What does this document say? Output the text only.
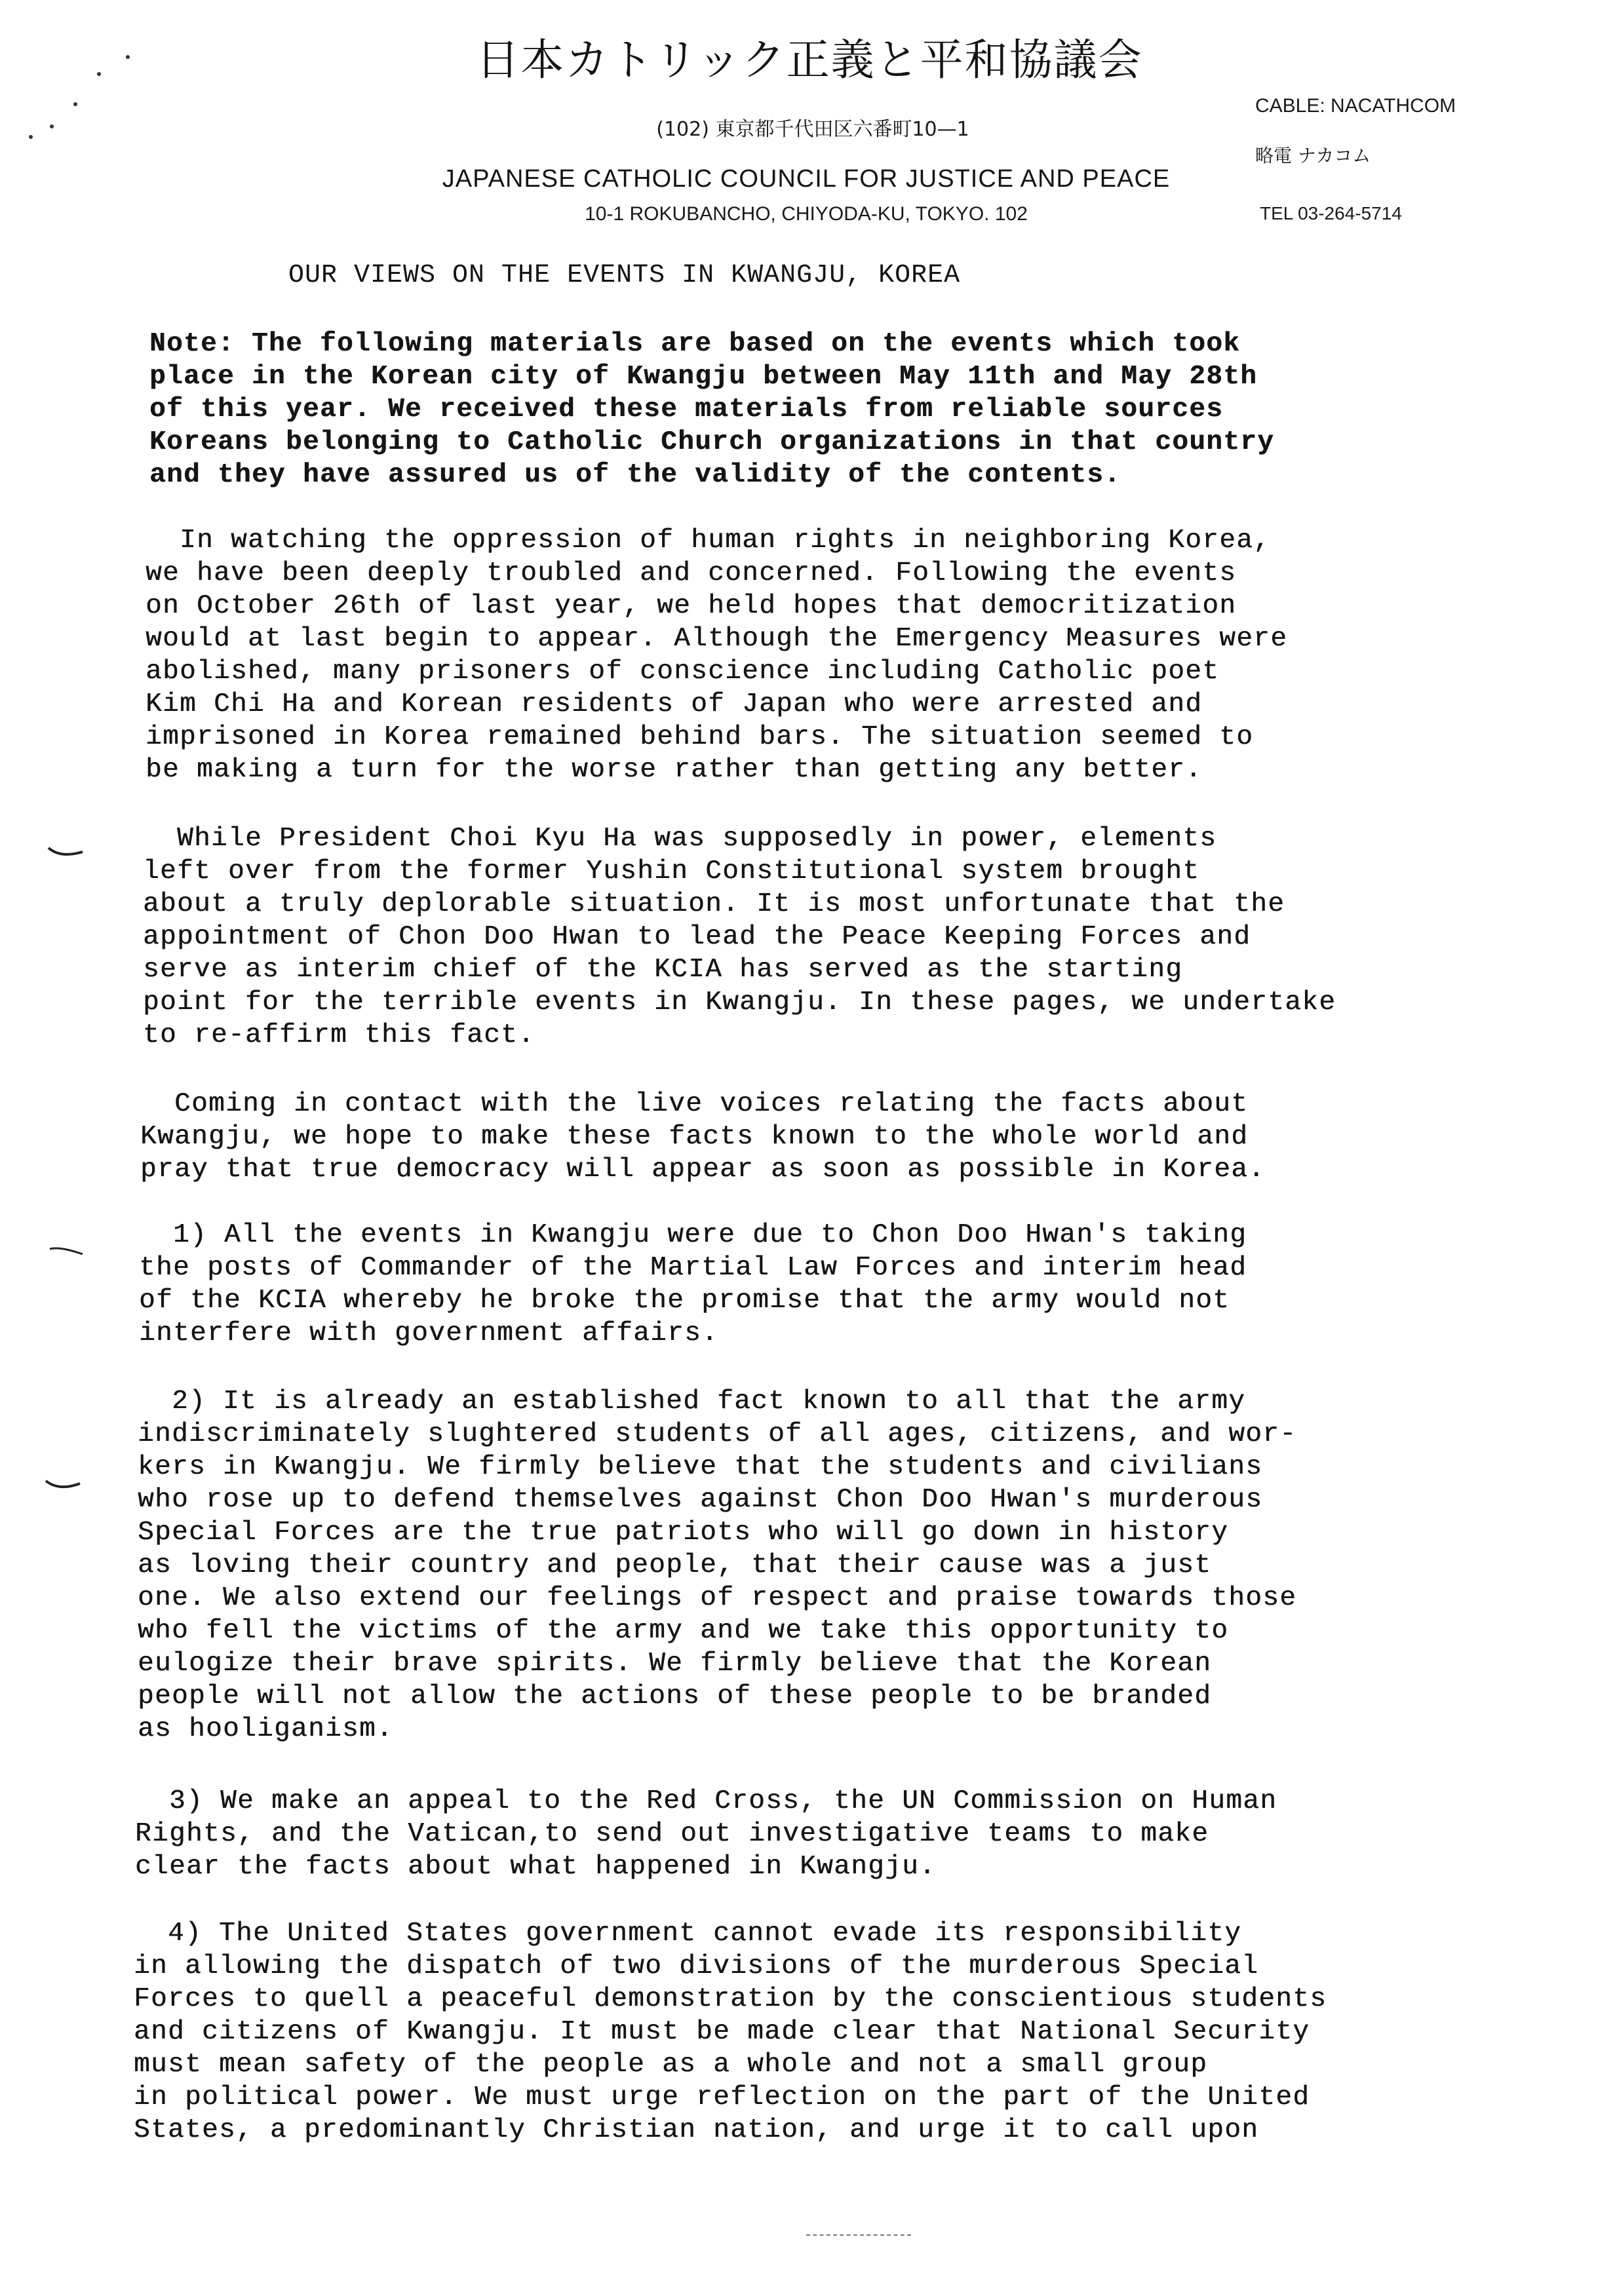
日本カトリック正義と平和協議会
(102) 東京都千代田区六番町10—1
JAPANESE CATHOLIC COUNCIL FOR JUSTICE AND PEACE
10-1 ROKUBANCHO, CHIYODA-KU, TOKYO. 102
CABLE: NACATHCOM
略電 ナカコム
TEL 03-264-5714
OUR VIEWS ON THE EVENTS IN KWANGJU, KOREA
Note: The following materials are based on the events which took
place in the Korean city of Kwangju between May 11th and May 28th
of this year. We received these materials from reliable sources
Koreans belonging to Catholic Church organizations in that country
and they have assured us of the validity of the contents.
In watching the oppression of human rights in neighboring Korea,
we have been deeply troubled and concerned. Following the events
on October 26th of last year, we held hopes that democritization
would at last begin to appear. Although the Emergency Measures were
abolished, many prisoners of conscience including Catholic poet
Kim Chi Ha and Korean residents of Japan who were arrested and
imprisoned in Korea remained behind bars. The situation seemed to
be making a turn for the worse rather than getting any better.
While President Choi Kyu Ha was supposedly in power, elements
left over from the former Yushin Constitutional system brought
about a truly deplorable situation. It is most unfortunate that the
appointment of Chon Doo Hwan to lead the Peace Keeping Forces and
serve as interim chief of the KCIA has served as the starting
point for the terrible events in Kwangju. In these pages, we undertake
to re-affirm this fact.
Coming in contact with the live voices relating the facts about
Kwangju, we hope to make these facts known to the whole world and
pray that true democracy will appear as soon as possible in Korea.
1) All the events in Kwangju were due to Chon Doo Hwan's taking
the posts of Commander of the Martial Law Forces and interim head
of the KCIA whereby he broke the promise that the army would not
interfere with government affairs.
2) It is already an established fact known to all that the army
indiscriminately slughtered students of all ages, citizens, and wor-
kers in Kwangju. We firmly believe that the students and civilians
who rose up to defend themselves against Chon Doo Hwan's murderous
Special Forces are the true patriots who will go down in history
as loving their country and people, that their cause was a just
one. We also extend our feelings of respect and praise towards those
who fell the victims of the army and we take this opportunity to
eulogize their brave spirits. We firmly believe that the Korean
people will not allow the actions of these people to be branded
as hooliganism.
3) We make an appeal to the Red Cross, the UN Commission on Human
Rights, and the Vatican,to send out investigative teams to make
clear the facts about what happened in Kwangju.
4) The United States government cannot evade its responsibility
in allowing the dispatch of two divisions of the murderous Special
Forces to quell a peaceful demonstration by the conscientious students
and citizens of Kwangju. It must be made clear that National Security
must mean safety of the people as a whole and not a small group
in political power. We must urge reflection on the part of the United
States, a predominantly Christian nation, and urge it to call upon
